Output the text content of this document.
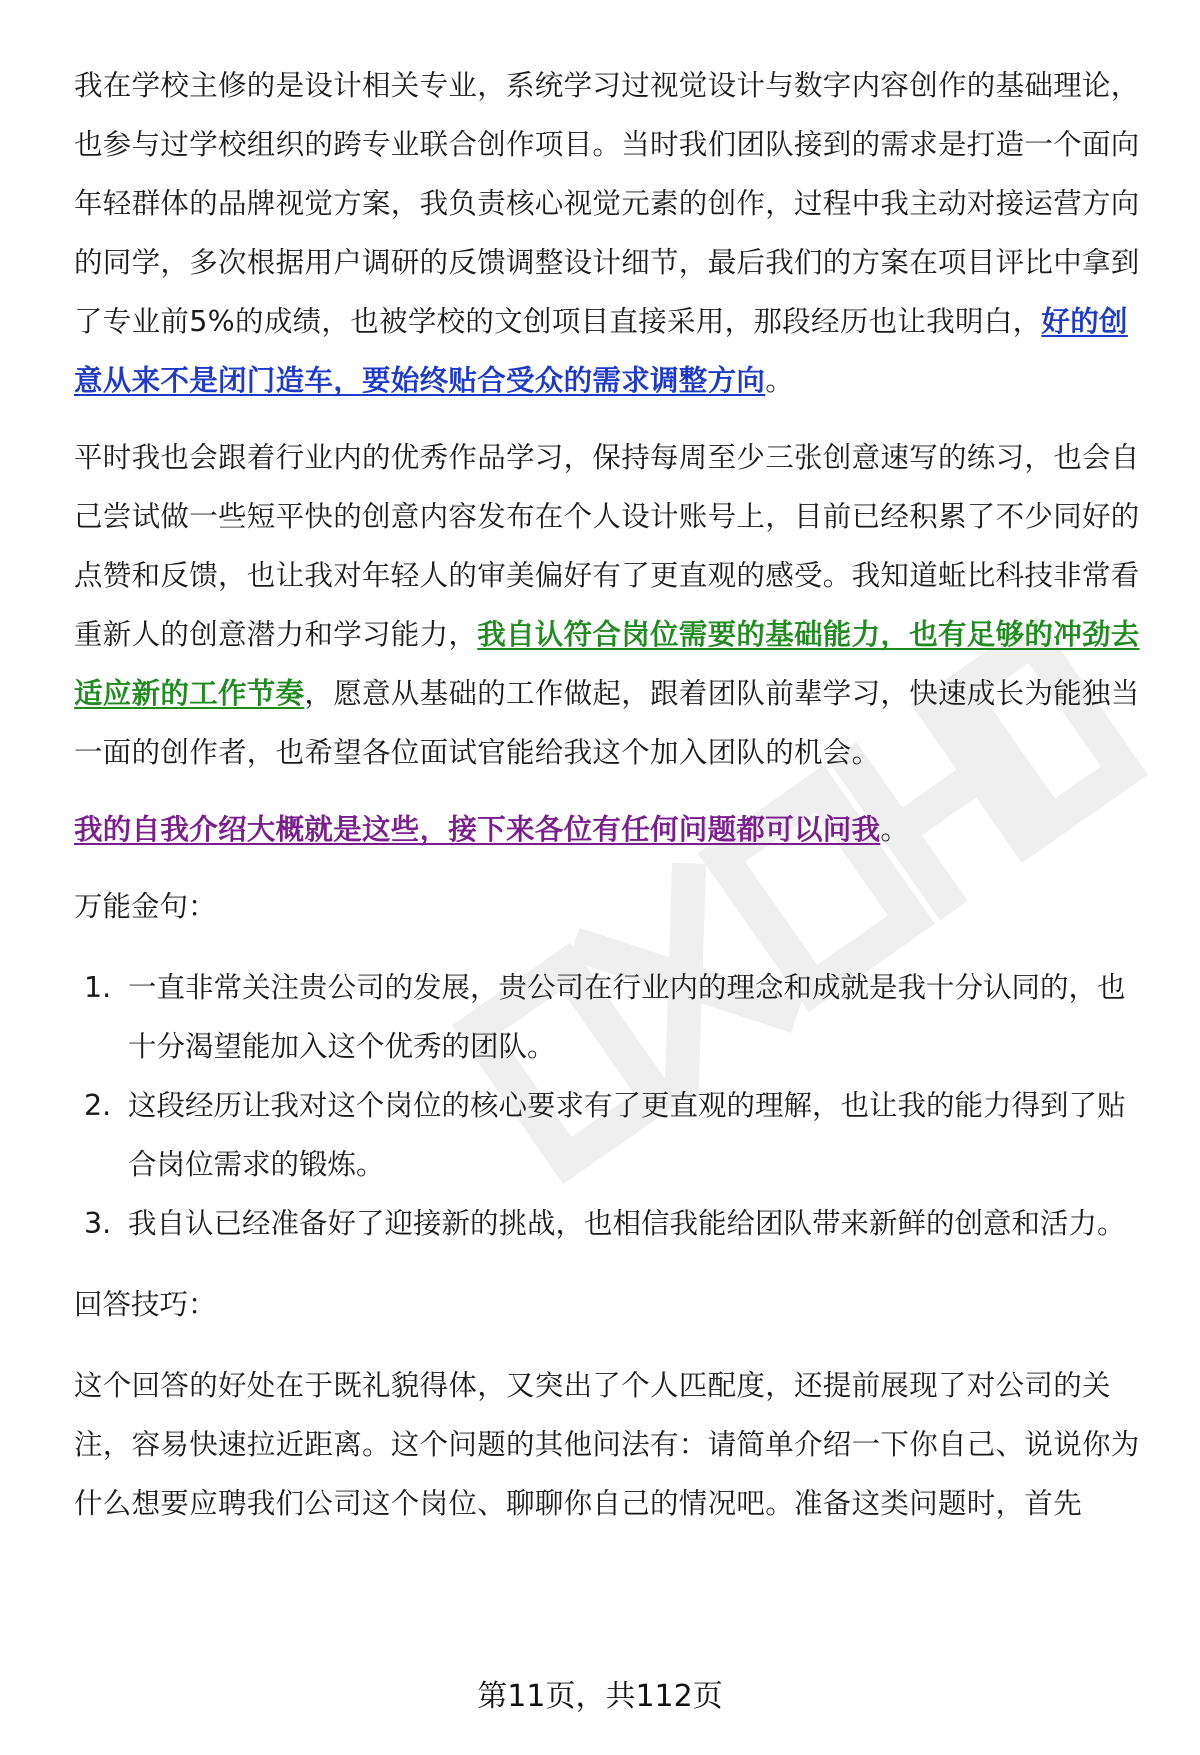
我在学校主修的是设计相关专业，系统学习过视觉设计与数字内容创作的基础理论，也参与过学校组织的跨专业联合创作项目。当时我们团队接到的需求是打造一个面向年轻群体的品牌视觉方案，我负责核心视觉元素的创作，过程中我主动对接运营方向的同学，多次根据用户调研的反馈调整设计细节，最后我们的方案在项目评比中拿到了专业前5%的成绩，也被学校的文创项目直接采用，那段经历也让我明白，好的创意从来不是闭门造车，要始终贴合受众的需求调整方向。

平时我也会跟着行业内的优秀作品学习，保持每周至少三张创意速写的练习，也会自己尝试做一些短平快的创意内容发布在个人设计账号上，目前已经积累了不少同好的点赞和反馈，也让我对年轻人的审美偏好有了更直观的感受。我知道蚯比科技非常看重新人的创意潜力和学习能力，我自认符合岗位需要的基础能力，也有足够的冲劲去适应新的工作节奏，愿意从基础的工作做起，跟着团队前辈学习，快速成长为能独当一面的创作者，也希望各位面试官能给我这个加入团队的机会。

我的自我介绍大概就是这些，接下来各位有任何问题都可以问我。

万能金句：

1. 一直非常关注贵公司的发展，贵公司在行业内的理念和成就是我十分认同的，也十分渴望能加入这个优秀的团队。
2. 这段经历让我对这个岗位的核心要求有了更直观的理解，也让我的能力得到了贴合岗位需求的锻炼。
3. 我自认已经准备好了迎接新的挑战，也相信我能给团队带来新鲜的创意和活力。

回答技巧：

这个回答的好处在于既礼貌得体，又突出了个人匹配度，还提前展现了对公司的关注，容易快速拉近距离。这个问题的其他问法有：请简单介绍一下你自己、说说你为什么想要应聘我们公司这个岗位、聊聊你自己的情况吧。准备这类问题时，首先

第11页，共112页
